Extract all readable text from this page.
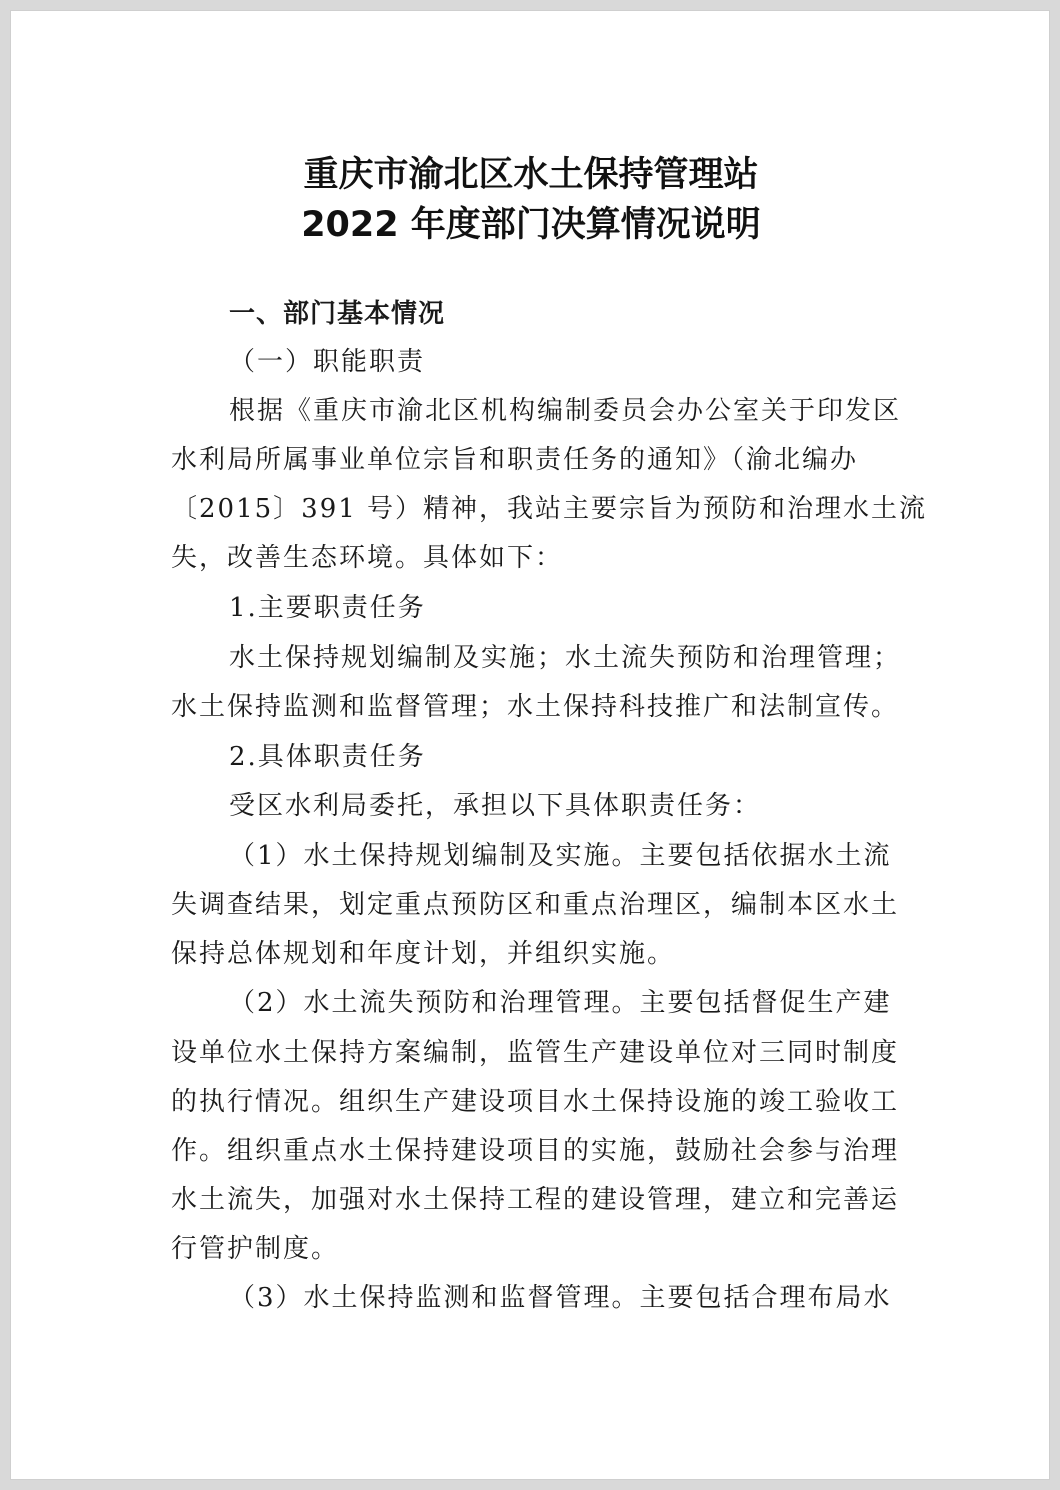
重庆市渝北区水土保持管理站
2022 年度部门决算情况说明
一、部门基本情况
（一）职能职责
根据《重庆市渝北区机构编制委员会办公室关于印发区
水利局所属事业单位宗旨和职责任务的通知》（渝北编办
〔2015〕391 号）精神，我站主要宗旨为预防和治理水土流
失，改善生态环境。具体如下：
1.主要职责任务
水土保持规划编制及实施；水土流失预防和治理管理；
水土保持监测和监督管理；水土保持科技推广和法制宣传。
2.具体职责任务
受区水利局委托，承担以下具体职责任务：
（1）水土保持规划编制及实施。主要包括依据水土流
失调查结果，划定重点预防区和重点治理区，编制本区水土
保持总体规划和年度计划，并组织实施。
（2）水土流失预防和治理管理。主要包括督促生产建
设单位水土保持方案编制，监管生产建设单位对三同时制度
的执行情况。组织生产建设项目水土保持设施的竣工验收工
作。组织重点水土保持建设项目的实施，鼓励社会参与治理
水土流失，加强对水土保持工程的建设管理，建立和完善运
行管护制度。
（3）水土保持监测和监督管理。主要包括合理布局水
